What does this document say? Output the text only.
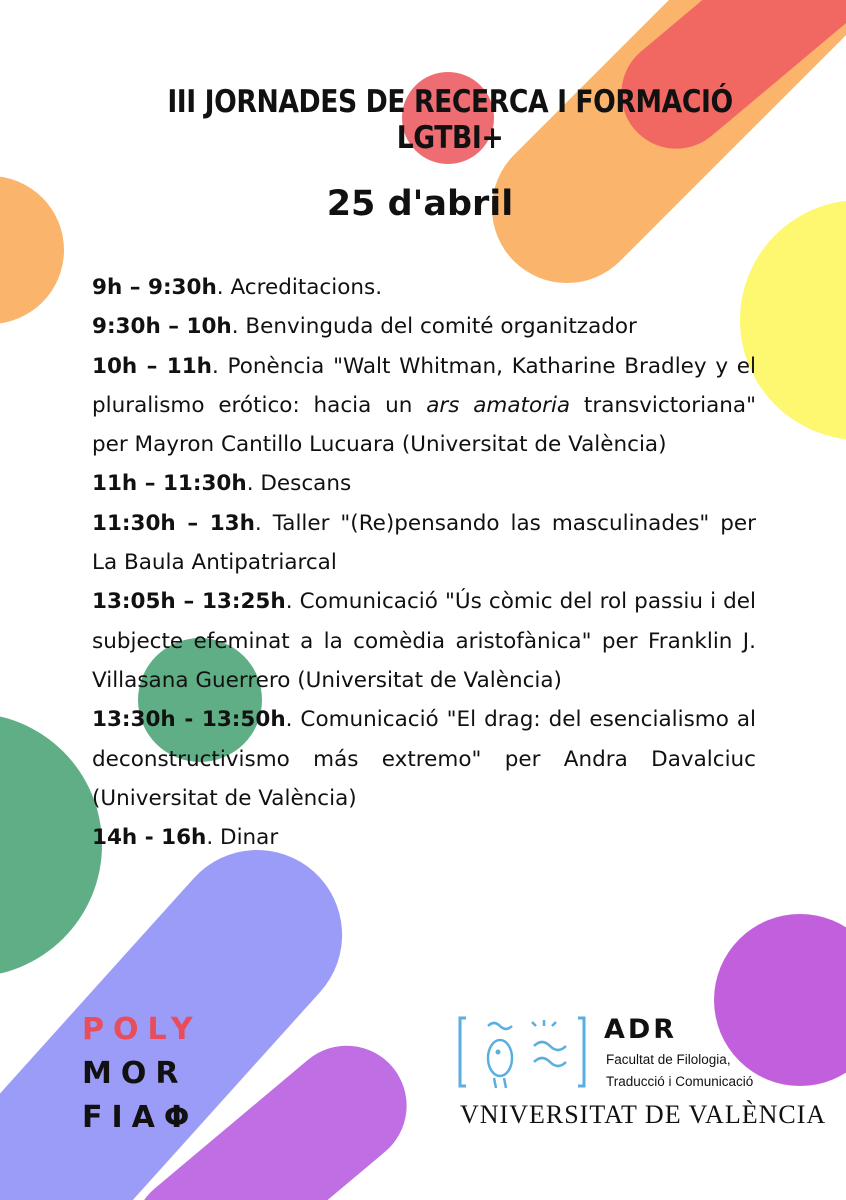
III JORNADES DE RECERCA I FORMACIÓ LGTBI+
25 d'abril

9h – 9:30h. Acreditacions.

9:30h – 10h. Benvinguda del comité organitzador

10h – 11h. Ponència "Walt Whitman, Katharine Bradley y el pluralismo erótico: hacia un ars amatoria transvictoriana" per Mayron Cantillo Lucuara (Universitat de València)

11h – 11:30h. Descans

11:30h – 13h. Taller "(Re)pensando las masculinades" per La Baula Antipatriarcal

13:05h – 13:25h. Comunicació "Ús còmic del rol passiu i del subjecte efeminat a la comèdia aristofànica" per Franklin J. Villasana Guerrero (Universitat de València)

13:30h - 13:50h. Comunicació "El drag: del esencialismo al deconstructivismo más extremo" per Andra Davalciuc (Universitat de València)

14h - 16h. Dinar

POLY
MOR
FIAΦ
ADR
Facultat de Filologia,
Traducció i Comunicació
VNIVERSITAT DE VALÈNCIA
